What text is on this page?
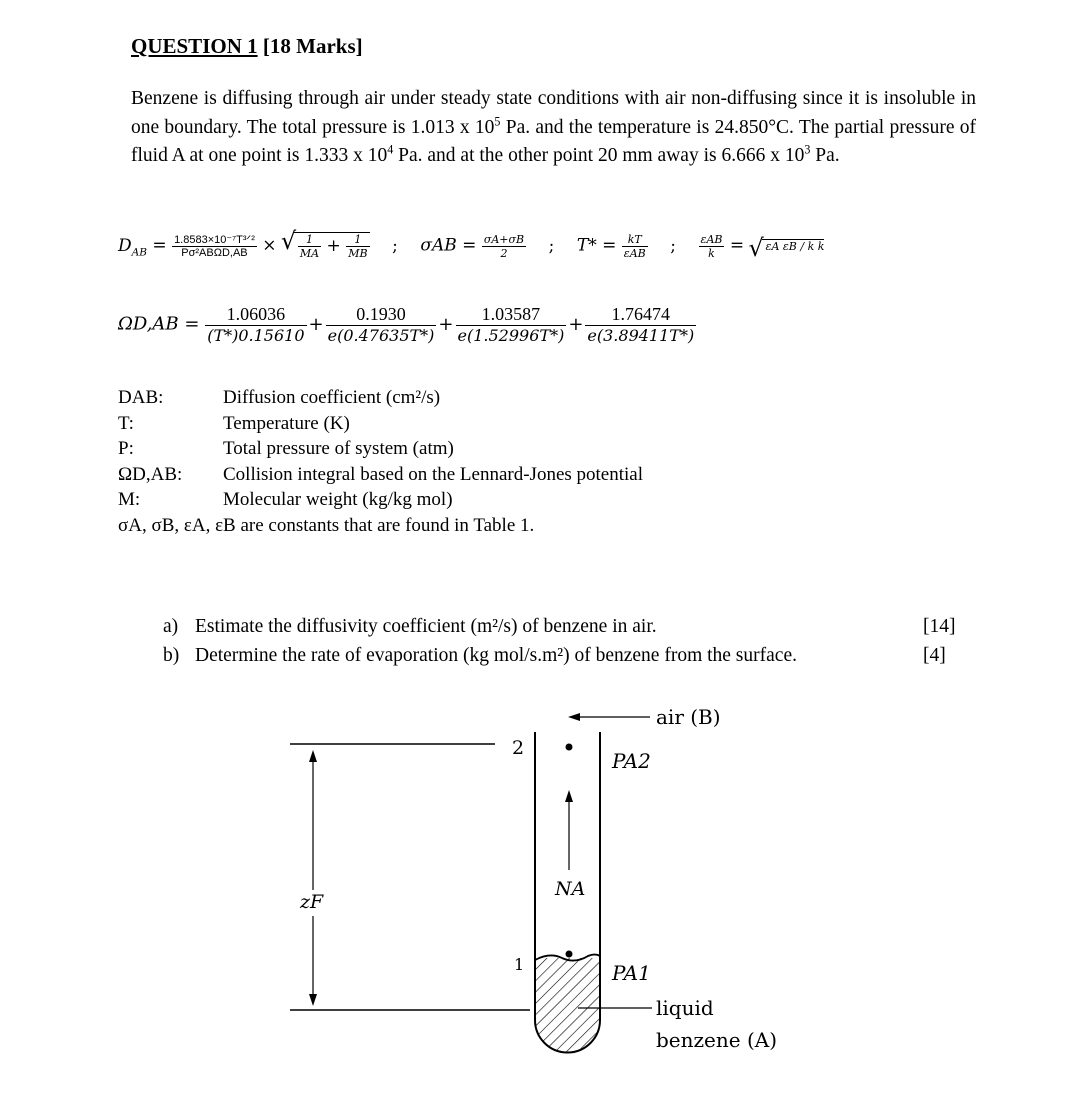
QUESTION 1 [18 Marks]

Benzene is diffusing through air under steady state conditions with air non-diffusing since it is insoluble in one boundary. The total pressure is 1.013 x $10^5$ Pa. and the temperature is 24.850°C. The partial pressure of fluid A at one point is 1.333 x $10^4$ Pa. and at the other point 20 mm away is 6.666 x $10^3$ Pa.

$D_{AB} = \frac{\text{1.8583×10⁻⁷T³ᐟ²}}{\text{Pσ²ABΩD,AB}}$ ×
√ $\frac{1}{MA} + \frac{1}{MB}$ ; $\sigma AB = \frac{\sigma A+\sigma B}{2}$ ; $T* = \frac{kT}{\text{εAB}}$ ; $\frac{\text{εAB}}{k}$ = √ εA εB / k k
$\Omega D,AB = \frac{1.06036}{(T*)0.15610} + \frac{0.1930}{e(0.47635T*)} + \frac{1.03587}{e(1.52996T*)} + \frac{1.76474}{e(3.89411T*)}$
DAB:	Diffusion coefficient (cm²/s)
T:	Temperature (K)
P:	Total pressure of system (atm)
ΩD,AB:	Collision integral based on the Lennard-Jones potential
M:	Molecular weight (kg/kg mol)
σA, σB, εA, εB are constants that are found in Table 1.
a) Estimate the diffusivity coefficient (m²/s) of benzene in air.	[14]
b) Determine the rate of evaporation (kg mol/s.m²) of benzene from the surface.	[4]
zF
2
1
NA
air (B)
PA2
PA1
liquid
benzene (A)
